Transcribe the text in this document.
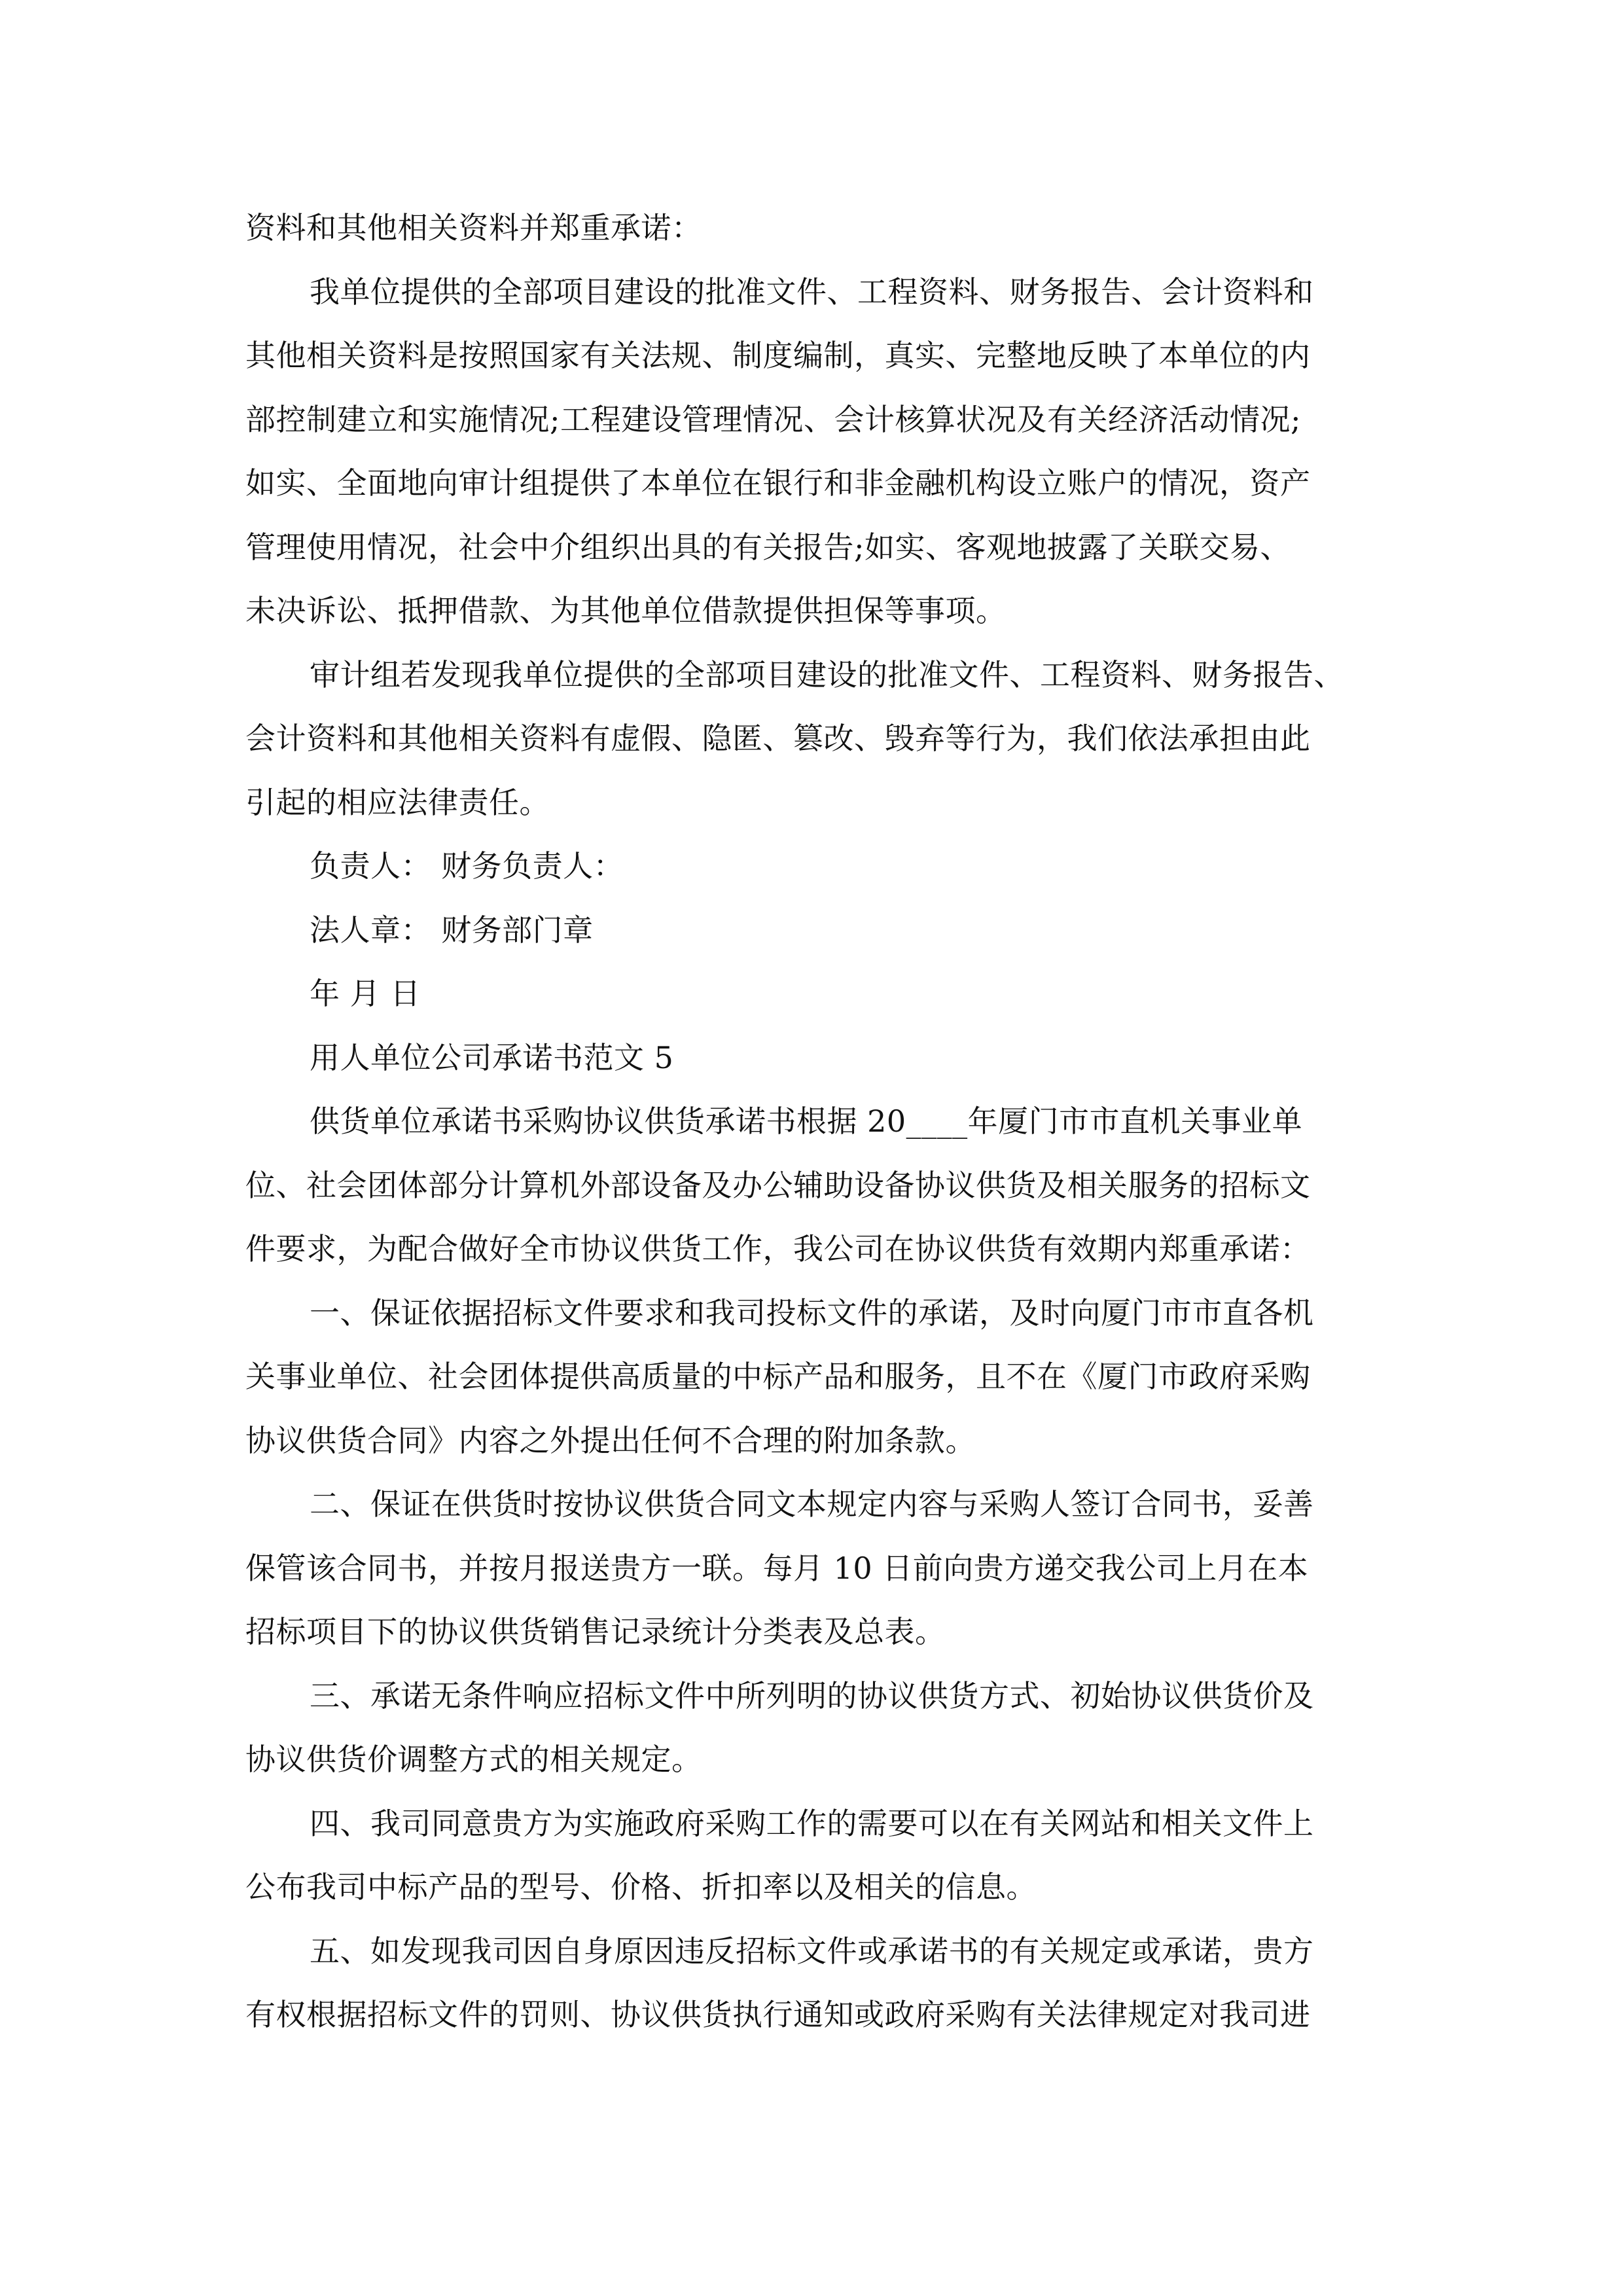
资料和其他相关资料并郑重承诺：
我单位提供的全部项目建设的批准文件、工程资料、财务报告、会计资料和
其他相关资料是按照国家有关法规、制度编制，真实、完整地反映了本单位的内
部控制建立和实施情况;工程建设管理情况、会计核算状况及有关经济活动情况;
如实、全面地向审计组提供了本单位在银行和非金融机构设立账户的情况，资产
管理使用情况，社会中介组织出具的有关报告;如实、客观地披露了关联交易、
未决诉讼、抵押借款、为其他单位借款提供担保等事项。
审计组若发现我单位提供的全部项目建设的批准文件、工程资料、财务报告、
会计资料和其他相关资料有虚假、隐匿、篡改、毁弃等行为，我们依法承担由此
引起的相应法律责任。
负责人： 财务负责人：
法人章： 财务部门章
年 月 日
用人单位公司承诺书范文 5
供货单位承诺书采购协议供货承诺书根据 20____年厦门市市直机关事业单
位、社会团体部分计算机外部设备及办公辅助设备协议供货及相关服务的招标文
件要求，为配合做好全市协议供货工作，我公司在协议供货有效期内郑重承诺：
一、保证依据招标文件要求和我司投标文件的承诺，及时向厦门市市直各机
关事业单位、社会团体提供高质量的中标产品和服务，且不在《厦门市政府采购
协议供货合同》内容之外提出任何不合理的附加条款。
二、保证在供货时按协议供货合同文本规定内容与采购人签订合同书，妥善
保管该合同书，并按月报送贵方一联。每月 10 日前向贵方递交我公司上月在本
招标项目下的协议供货销售记录统计分类表及总表。
三、承诺无条件响应招标文件中所列明的协议供货方式、初始协议供货价及
协议供货价调整方式的相关规定。
四、我司同意贵方为实施政府采购工作的需要可以在有关网站和相关文件上
公布我司中标产品的型号、价格、折扣率以及相关的信息。
五、如发现我司因自身原因违反招标文件或承诺书的有关规定或承诺，贵方
有权根据招标文件的罚则、协议供货执行通知或政府采购有关法律规定对我司进
